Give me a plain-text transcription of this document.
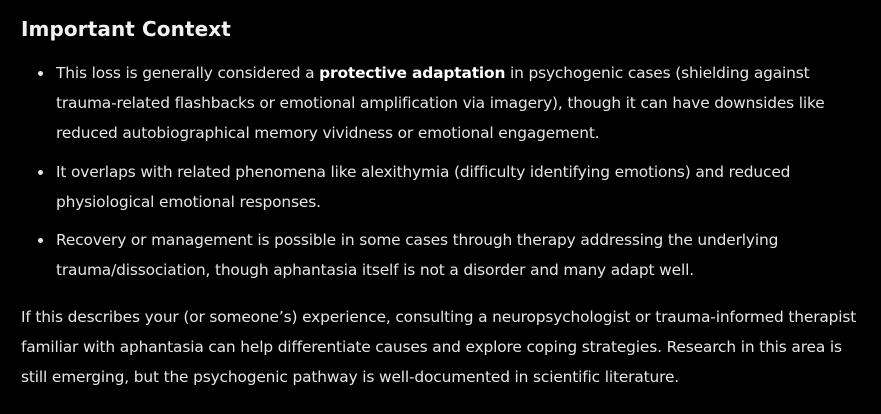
Important Context
This loss is generally considered a protective adaptation in psychogenic cases (shielding against trauma-related flashbacks or emotional amplification via imagery), though it can have downsides like reduced autobiographical memory vividness or emotional engagement.
It overlaps with related phenomena like alexithymia (difficulty identifying emotions) and reduced physiological emotional responses.
Recovery or management is possible in some cases through therapy addressing the underlying trauma/dissociation, though aphantasia itself is not a disorder and many adapt well.

If this describes your (or someone’s) experience, consulting a neuropsychologist or trauma-informed therapist familiar with aphantasia can help differentiate causes and explore coping strategies. Research in this area is still emerging, but the psychogenic pathway is well-documented in scientific literature.
